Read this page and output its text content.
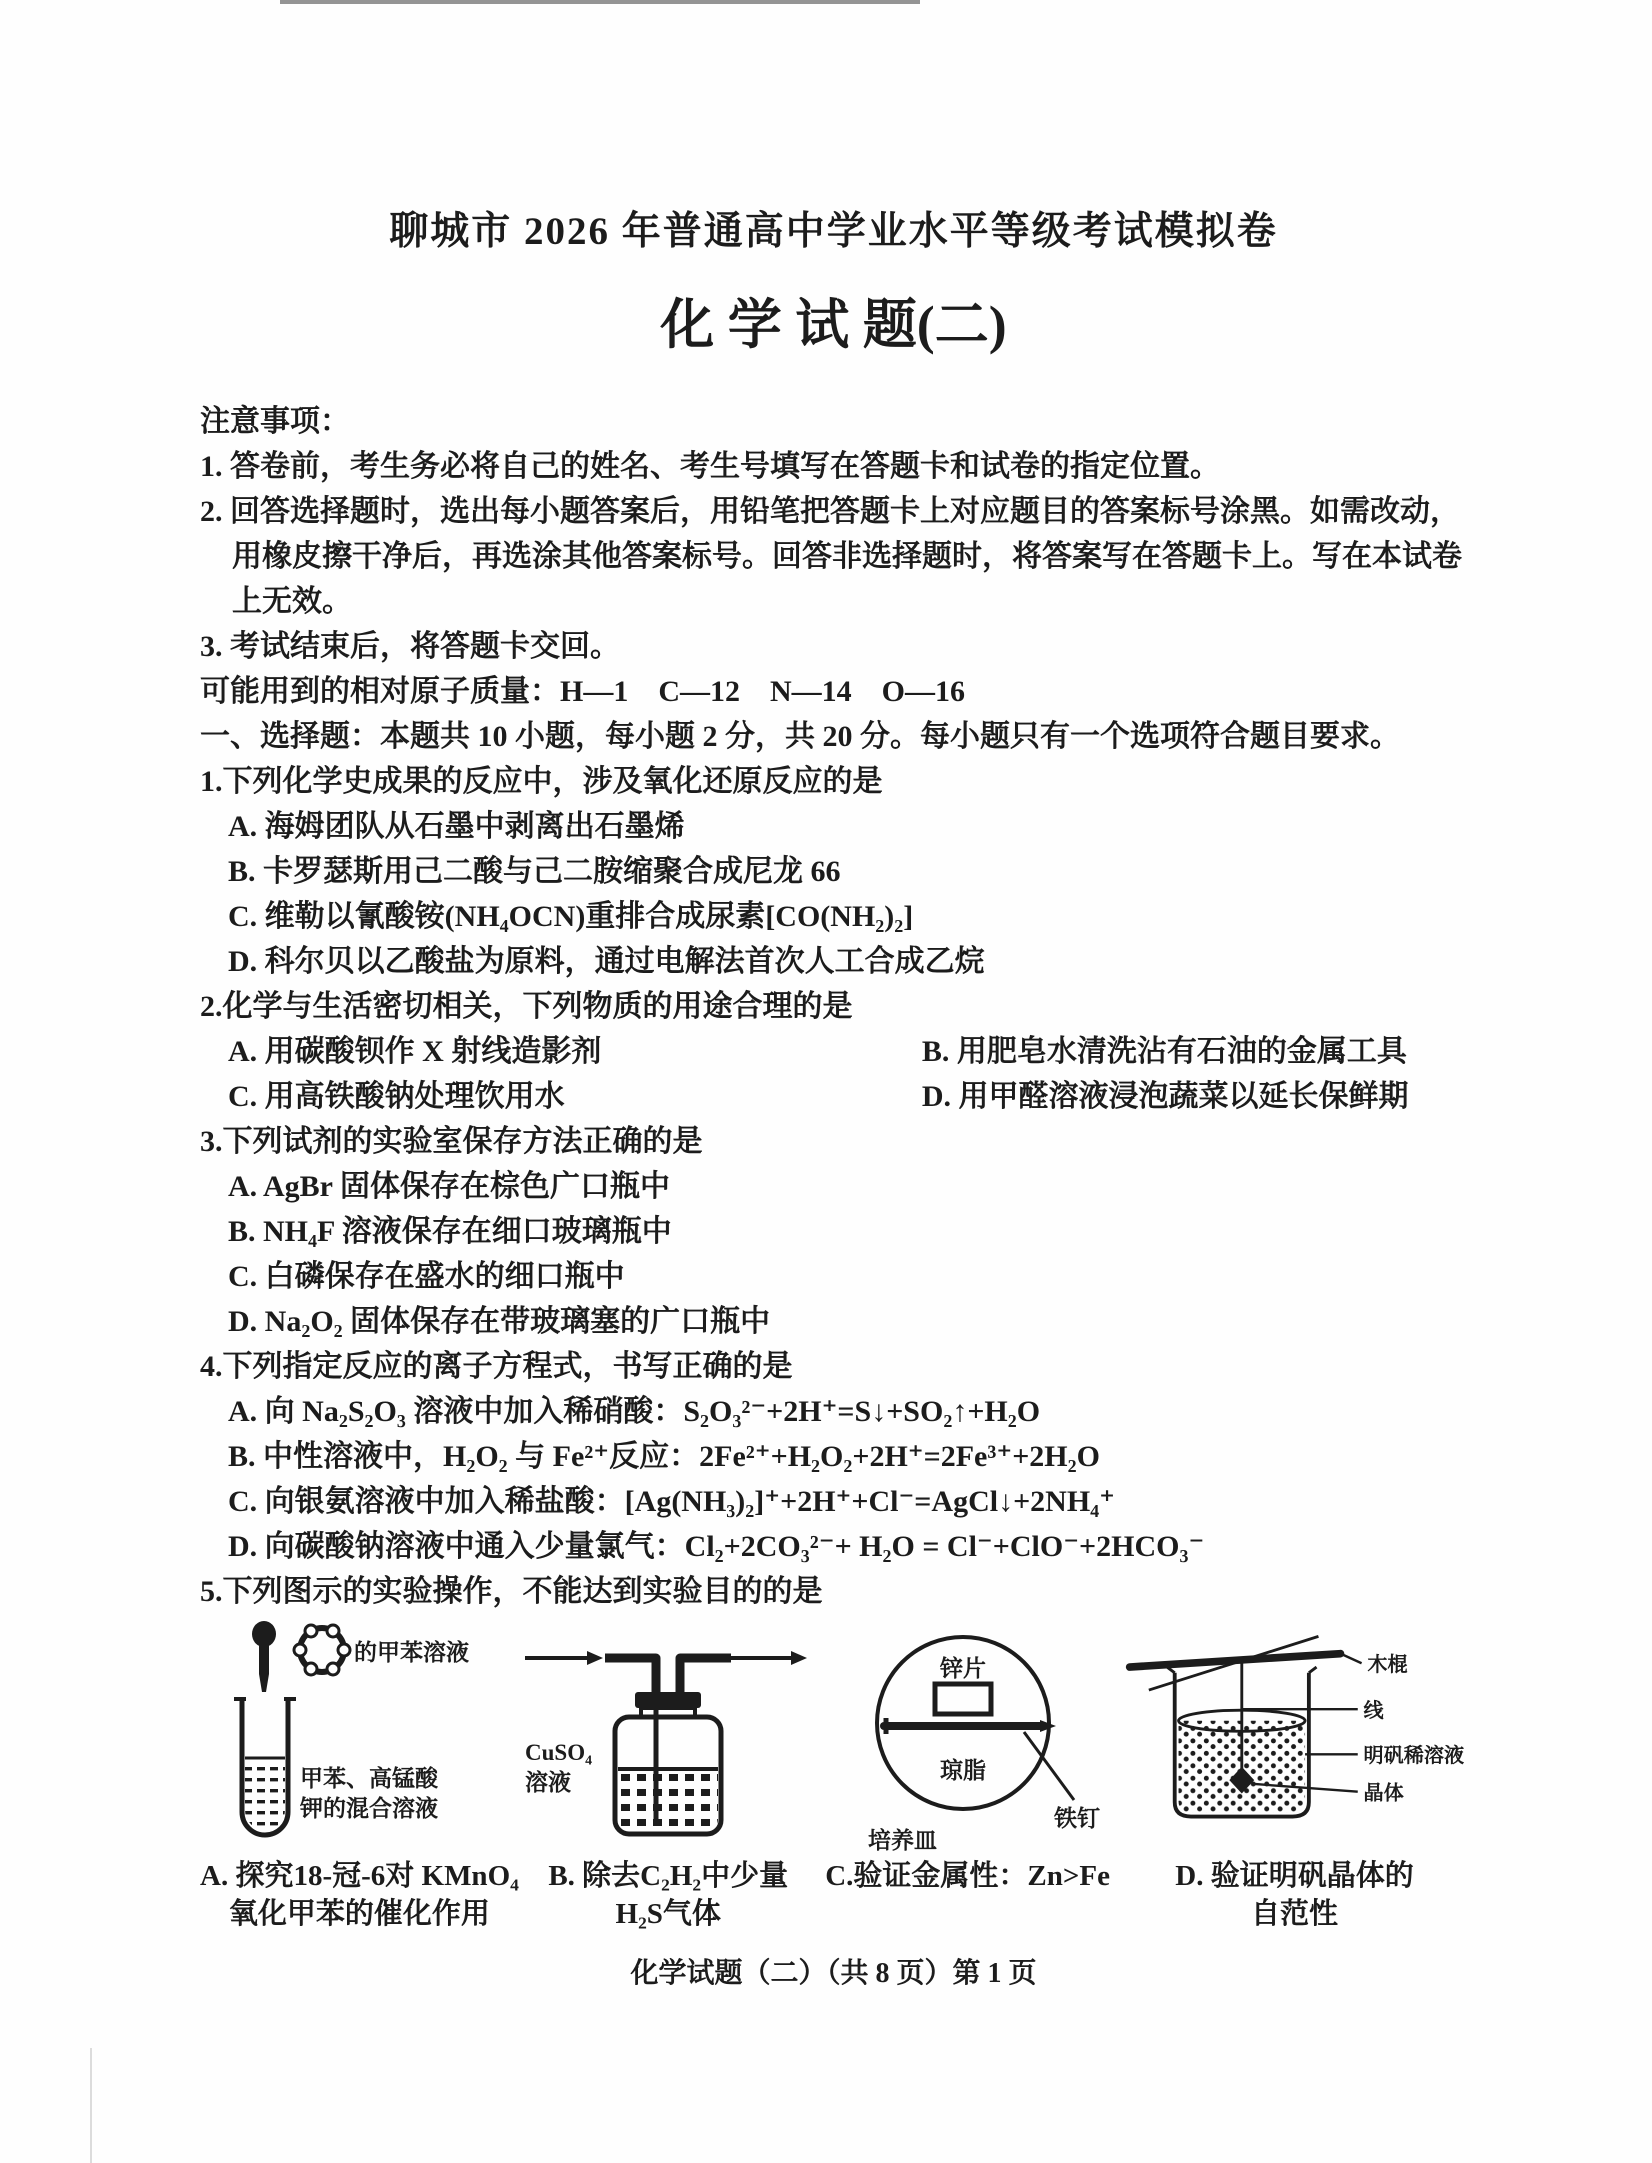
聊城市 2026 年普通高中学业水平等级考试模拟卷
化 学 试 题(二)

注意事项：

1. 答卷前，考生务必将自己的姓名、考生号填写在答题卡和试卷的指定位置。

2. 回答选择题时，选出每小题答案后，用铅笔把答题卡上对应题目的答案标号涂黑。如需改动，用橡皮擦干净后，再选涂其他答案标号。回答非选择题时，将答案写在答题卡上。写在本试卷上无效。

3. 考试结束后，将答题卡交回。

可能用到的相对原子质量：H—1　C—12　N—14　O—16

一、选择题：本题共 10 小题，每小题 2 分，共 20 分。每小题只有一个选项符合题目要求。

1.下列化学史成果的反应中，涉及氧化还原反应的是

A. 海姆团队从石墨中剥离出石墨烯

B. 卡罗瑟斯用己二酸与己二胺缩聚合成尼龙 66

C. 维勒以氰酸铵(NH₄OCN)重排合成尿素[CO(NH₂)₂]

D. 科尔贝以乙酸盐为原料，通过电解法首次人工合成乙烷

2.化学与生活密切相关，下列物质的用途合理的是

A. 用碳酸钡作 X 射线造影剂	B. 用肥皂水清洗沾有石油的金属工具

C. 用高铁酸钠处理饮用水	D. 用甲醛溶液浸泡蔬菜以延长保鲜期

3.下列试剂的实验室保存方法正确的是

A. AgBr 固体保存在棕色广口瓶中

B. NH₄F 溶液保存在细口玻璃瓶中

C. 白磷保存在盛水的细口瓶中

D. Na₂O₂ 固体保存在带玻璃塞的广口瓶中

4.下列指定反应的离子方程式，书写正确的是

A. 向 Na₂S₂O₃ 溶液中加入稀硝酸：S₂O₃²⁻+2H⁺=S↓+SO₂↑+H₂O

B. 中性溶液中，H₂O₂ 与 Fe²⁺反应：2Fe²⁺+H₂O₂+2H⁺=2Fe³⁺+2H₂O

C. 向银氨溶液中加入稀盐酸：[Ag(NH₃)₂]⁺+2H⁺+Cl⁻=AgCl↓+2NH₄⁺

D. 向碳酸钠溶液中通入少量氯气：Cl₂+2CO₃²⁻+ H₂O = Cl⁻+ClO⁻+2HCO₃⁻

5.下列图示的实验操作，不能达到实验目的的是

的甲苯溶液
甲苯、高锰酸
钾的混合溶液
A. 探究18-冠-6对 KMnO₄
氧化甲苯的催化作用
CuSO₄
溶液
B. 除去C₂H₂中少量
H₂S气体
锌片
琼脂
铁钉
培养皿
C.验证金属性：Zn>Fe

木棍
线
明矾稀溶液
晶体
D. 验证明矾晶体的
自范性

化学试题（二）（共 8 页）第 1 页
